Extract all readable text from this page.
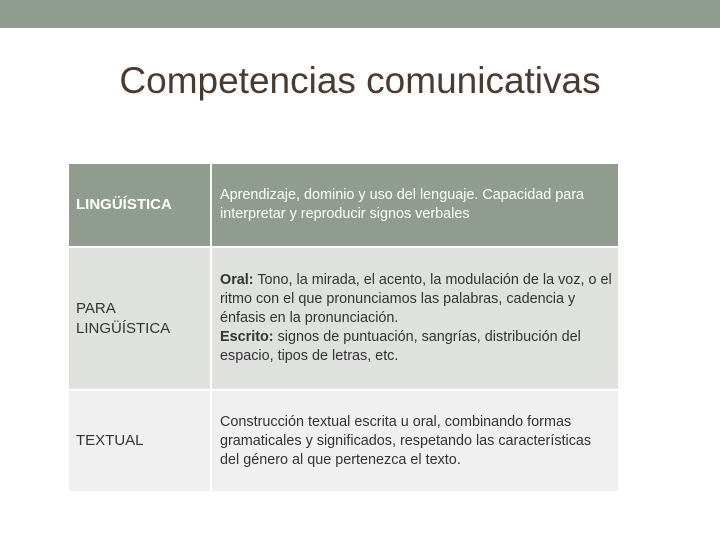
Competencias comunicativas
LINGÜÍSTICA
Aprendizaje, dominio y uso del lenguaje. Capacidad para interpretar y reproducir signos verbales
PARA
LINGÜÍSTICA
Oral: Tono, la mirada, el acento, la modulación de la voz, o el ritmo con el que pronunciamos las palabras, cadencia y énfasis en la pronunciación.
Escrito: signos de puntuación, sangrías, distribución del espacio, tipos de letras, etc.
TEXTUAL
Construcción textual escrita u oral, combinando formas gramaticales y significados, respetando las características del género al que pertenezca el texto.
